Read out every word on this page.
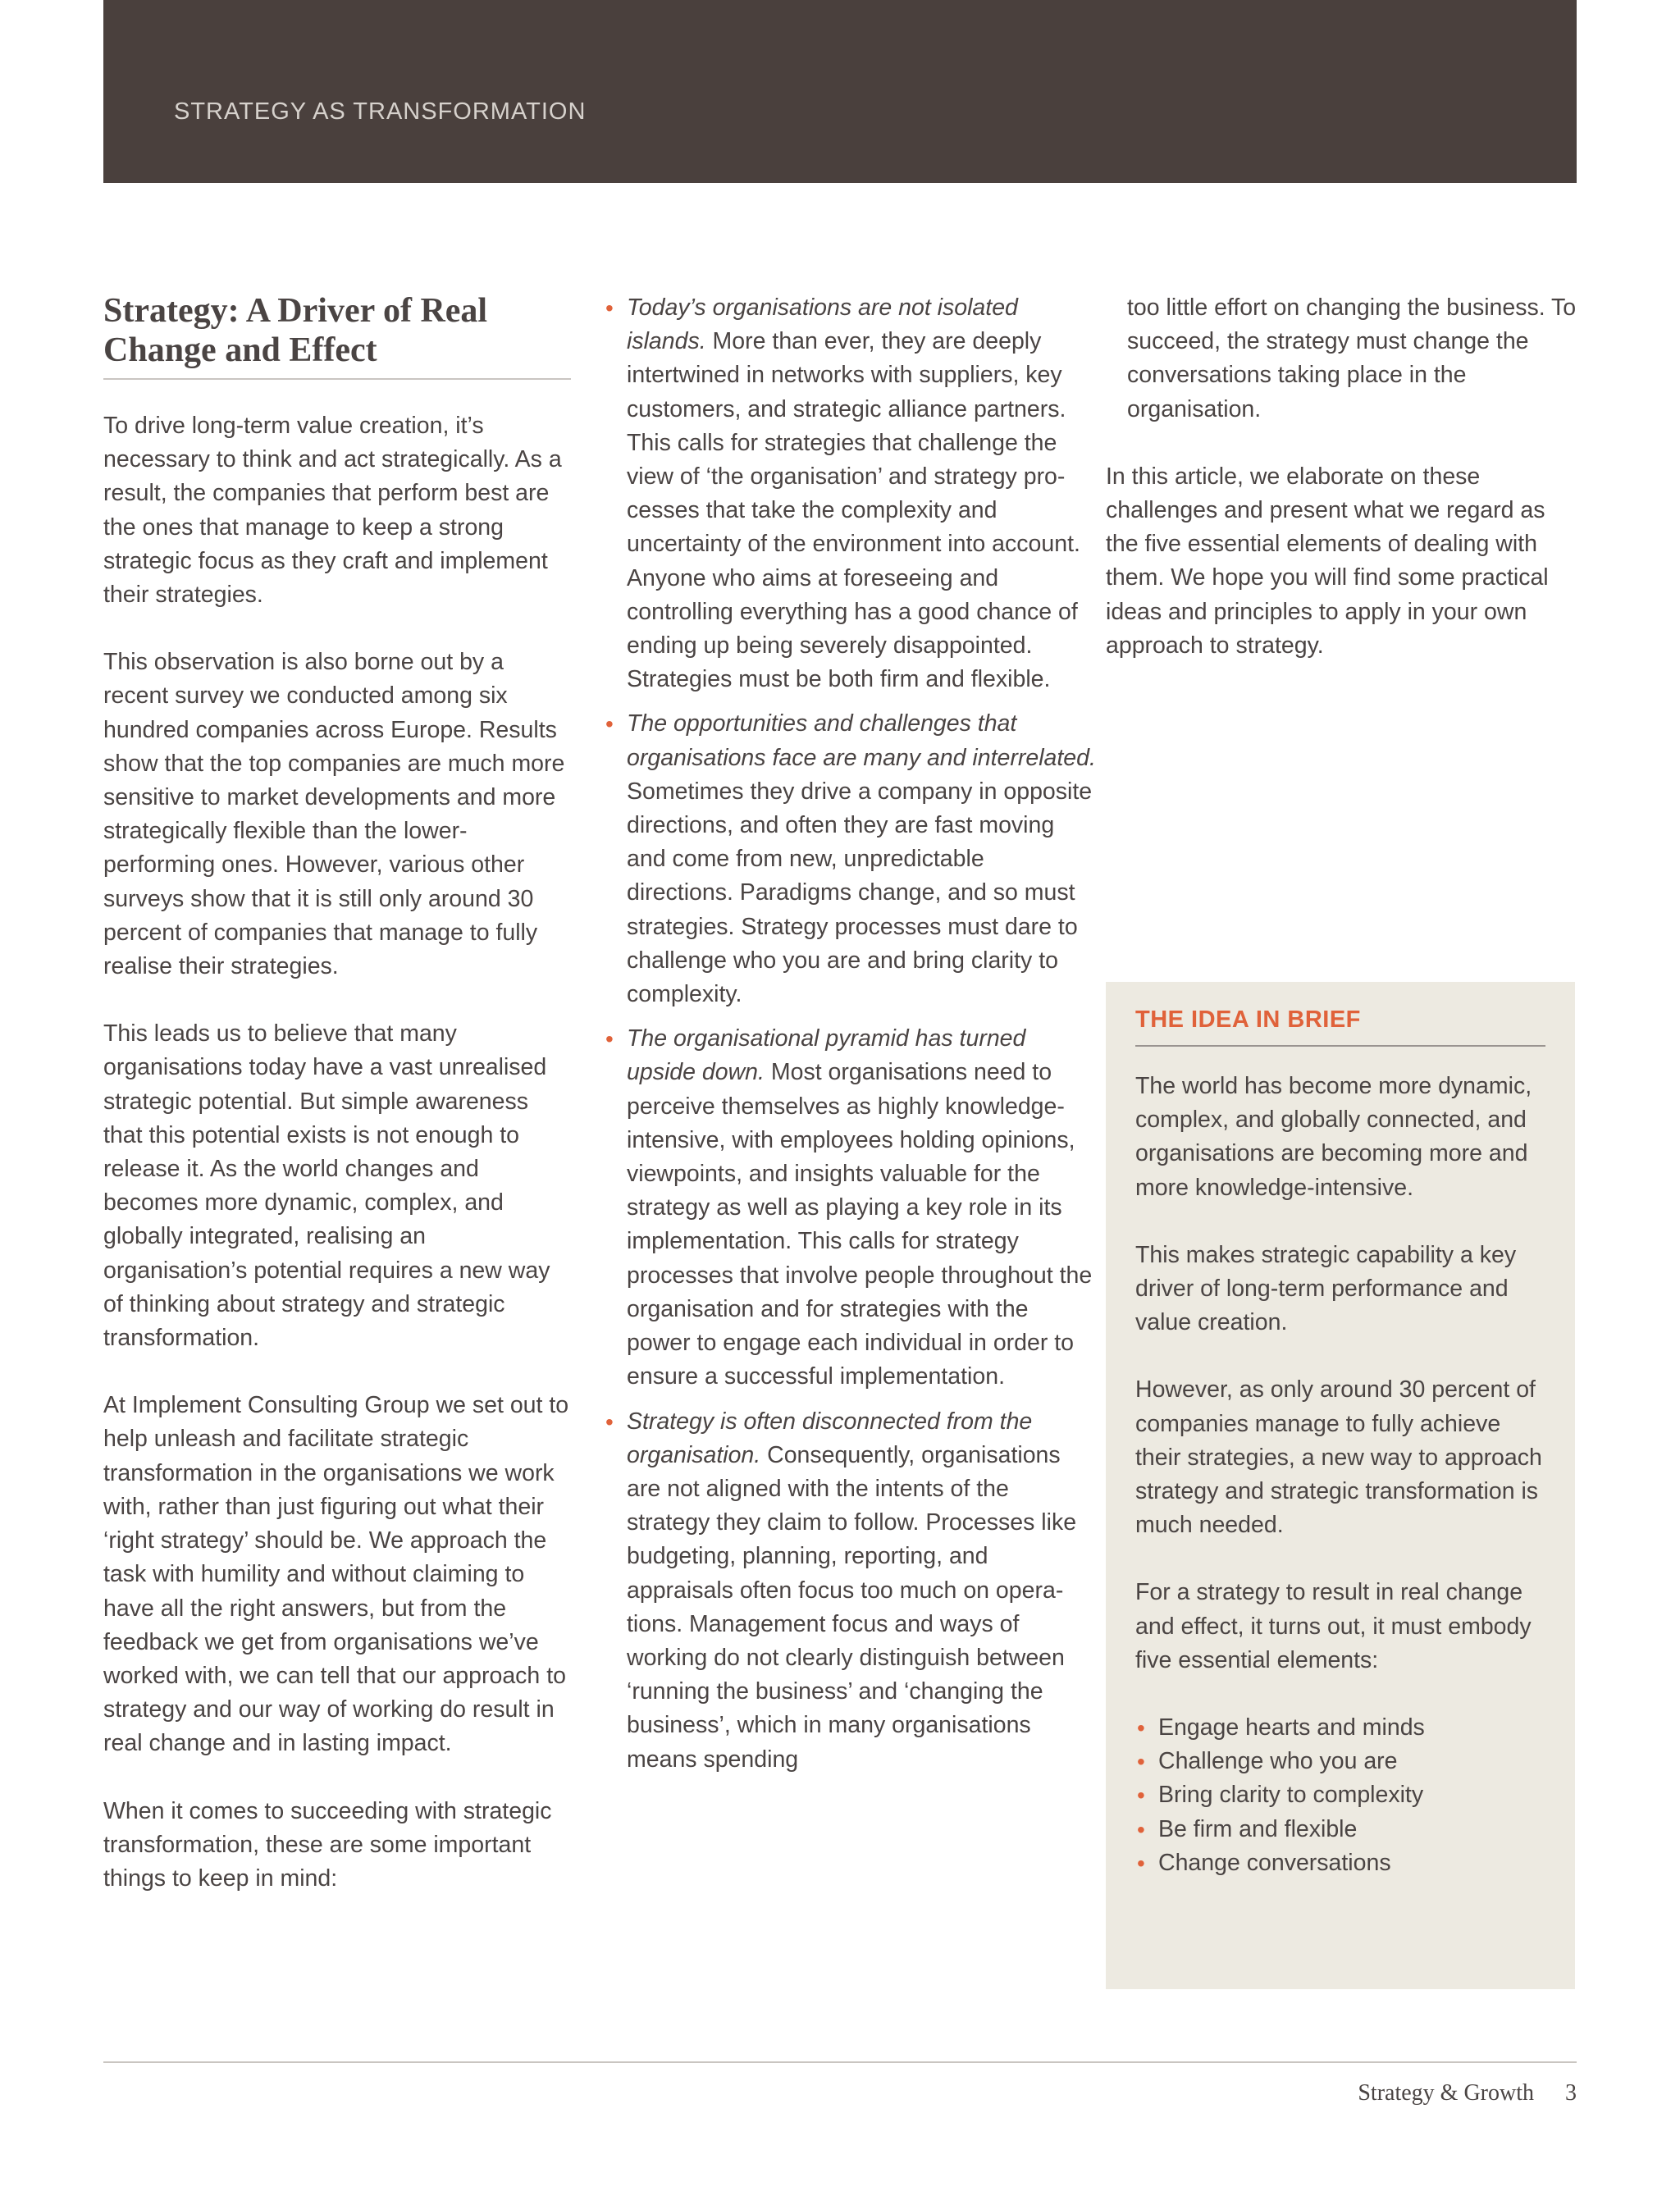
STRATEGY AS TRANSFORMATION
Strategy: A Driver of Real
Change and Effect

To drive long-term value creation, it’s necessary to think and act strategically. As a result, the companies that perform best are the ones that manage to keep a strong strategic focus as they craft and implement their strategies.

This observation is also borne out by a recent survey we conducted among six hundred companies across Europe. Results show that the top companies are much more sensitive to market developments and more strategically flexible than the lower-performing ones. However, various other surveys show that it is still only around 30 percent of companies that manage to fully realise their strategies.

This leads us to believe that many organisations today have a vast unrealised strategic potential. But simple awareness that this potential exists is not enough to release it. As the world changes and becomes more dynamic, complex, and globally integrated, realising an organisation’s potential requires a new way of thinking about strategy and strategic transformation.

At Implement Consulting Group we set out to help unleash and facilitate strategic transformation in the organisations we work with, rather than just figuring out what their ‘right strategy’ should be. We approach the task with humility and without claiming to have all the right answers, but from the feedback we get from organisations we’ve worked with, we can tell that our approach to strategy and our way of working do result in real change and in lasting impact.

When it comes to succeeding with strategic transformation, these are some important things to keep in mind:

• Today’s organisations are not isolated islands. More than ever, they are deeply intertwined in networks with suppliers, key customers, and strategic alliance partners. This calls for strategies that challenge the view of ‘the organisation’ and strategy processes that take the complexity and uncertainty of the environment into account. Anyone who aims at foreseeing and controlling everything has a good chance of ending up being severely disappointed. Strategies must be both firm and flexible.
• The opportunities and challenges that organisations face are many and interrelated. Sometimes they drive a company in opposite directions, and often they are fast moving and come from new, unpredictable directions. Paradigms change, and so must strategies. Strategy processes must dare to challenge who you are and bring clarity to complexity.
• The organisational pyramid has turned upside down. Most organisations need to perceive themselves as highly knowledge-intensive, with employees holding opinions, viewpoints, and insights valuable for the strategy as well as playing a key role in its implementation. This calls for strategy processes that involve people throughout the organisation and for strategies with the power to engage each individual in order to ensure a successful implementation.
• Strategy is often disconnected from the organisation. Consequently, organisations are not aligned with the intents of the strategy they claim to follow. Processes like budgeting, planning, reporting, and appraisals often focus too much on operations. Management focus and ways of working do not clearly distinguish between ‘running the business’ and ‘changing the business’, which in many organisations means spending

too little effort on changing the business. To succeed, the strategy must change the conversations taking place in the organisation.

In this article, we elaborate on these challenges and present what we regard as the five essential elements of dealing with them. We hope you will find some practical ideas and principles to apply in your own approach to strategy.

THE IDEA IN BRIEF

The world has become more dynamic, complex, and globally connected, and organisations are becoming more and more knowledge-intensive.

This makes strategic capability a key driver of long-term performance and value creation.

However, as only around 30 percent of companies manage to fully achieve their strategies, a new way to approach strategy and strategic transformation is much needed.

For a strategy to result in real change and effect, it turns out, it must embody five essential elements:

• Engage hearts and minds
• Challenge who you are
• Bring clarity to complexity
• Be firm and flexible
• Change conversations
Strategy & Growth 3
